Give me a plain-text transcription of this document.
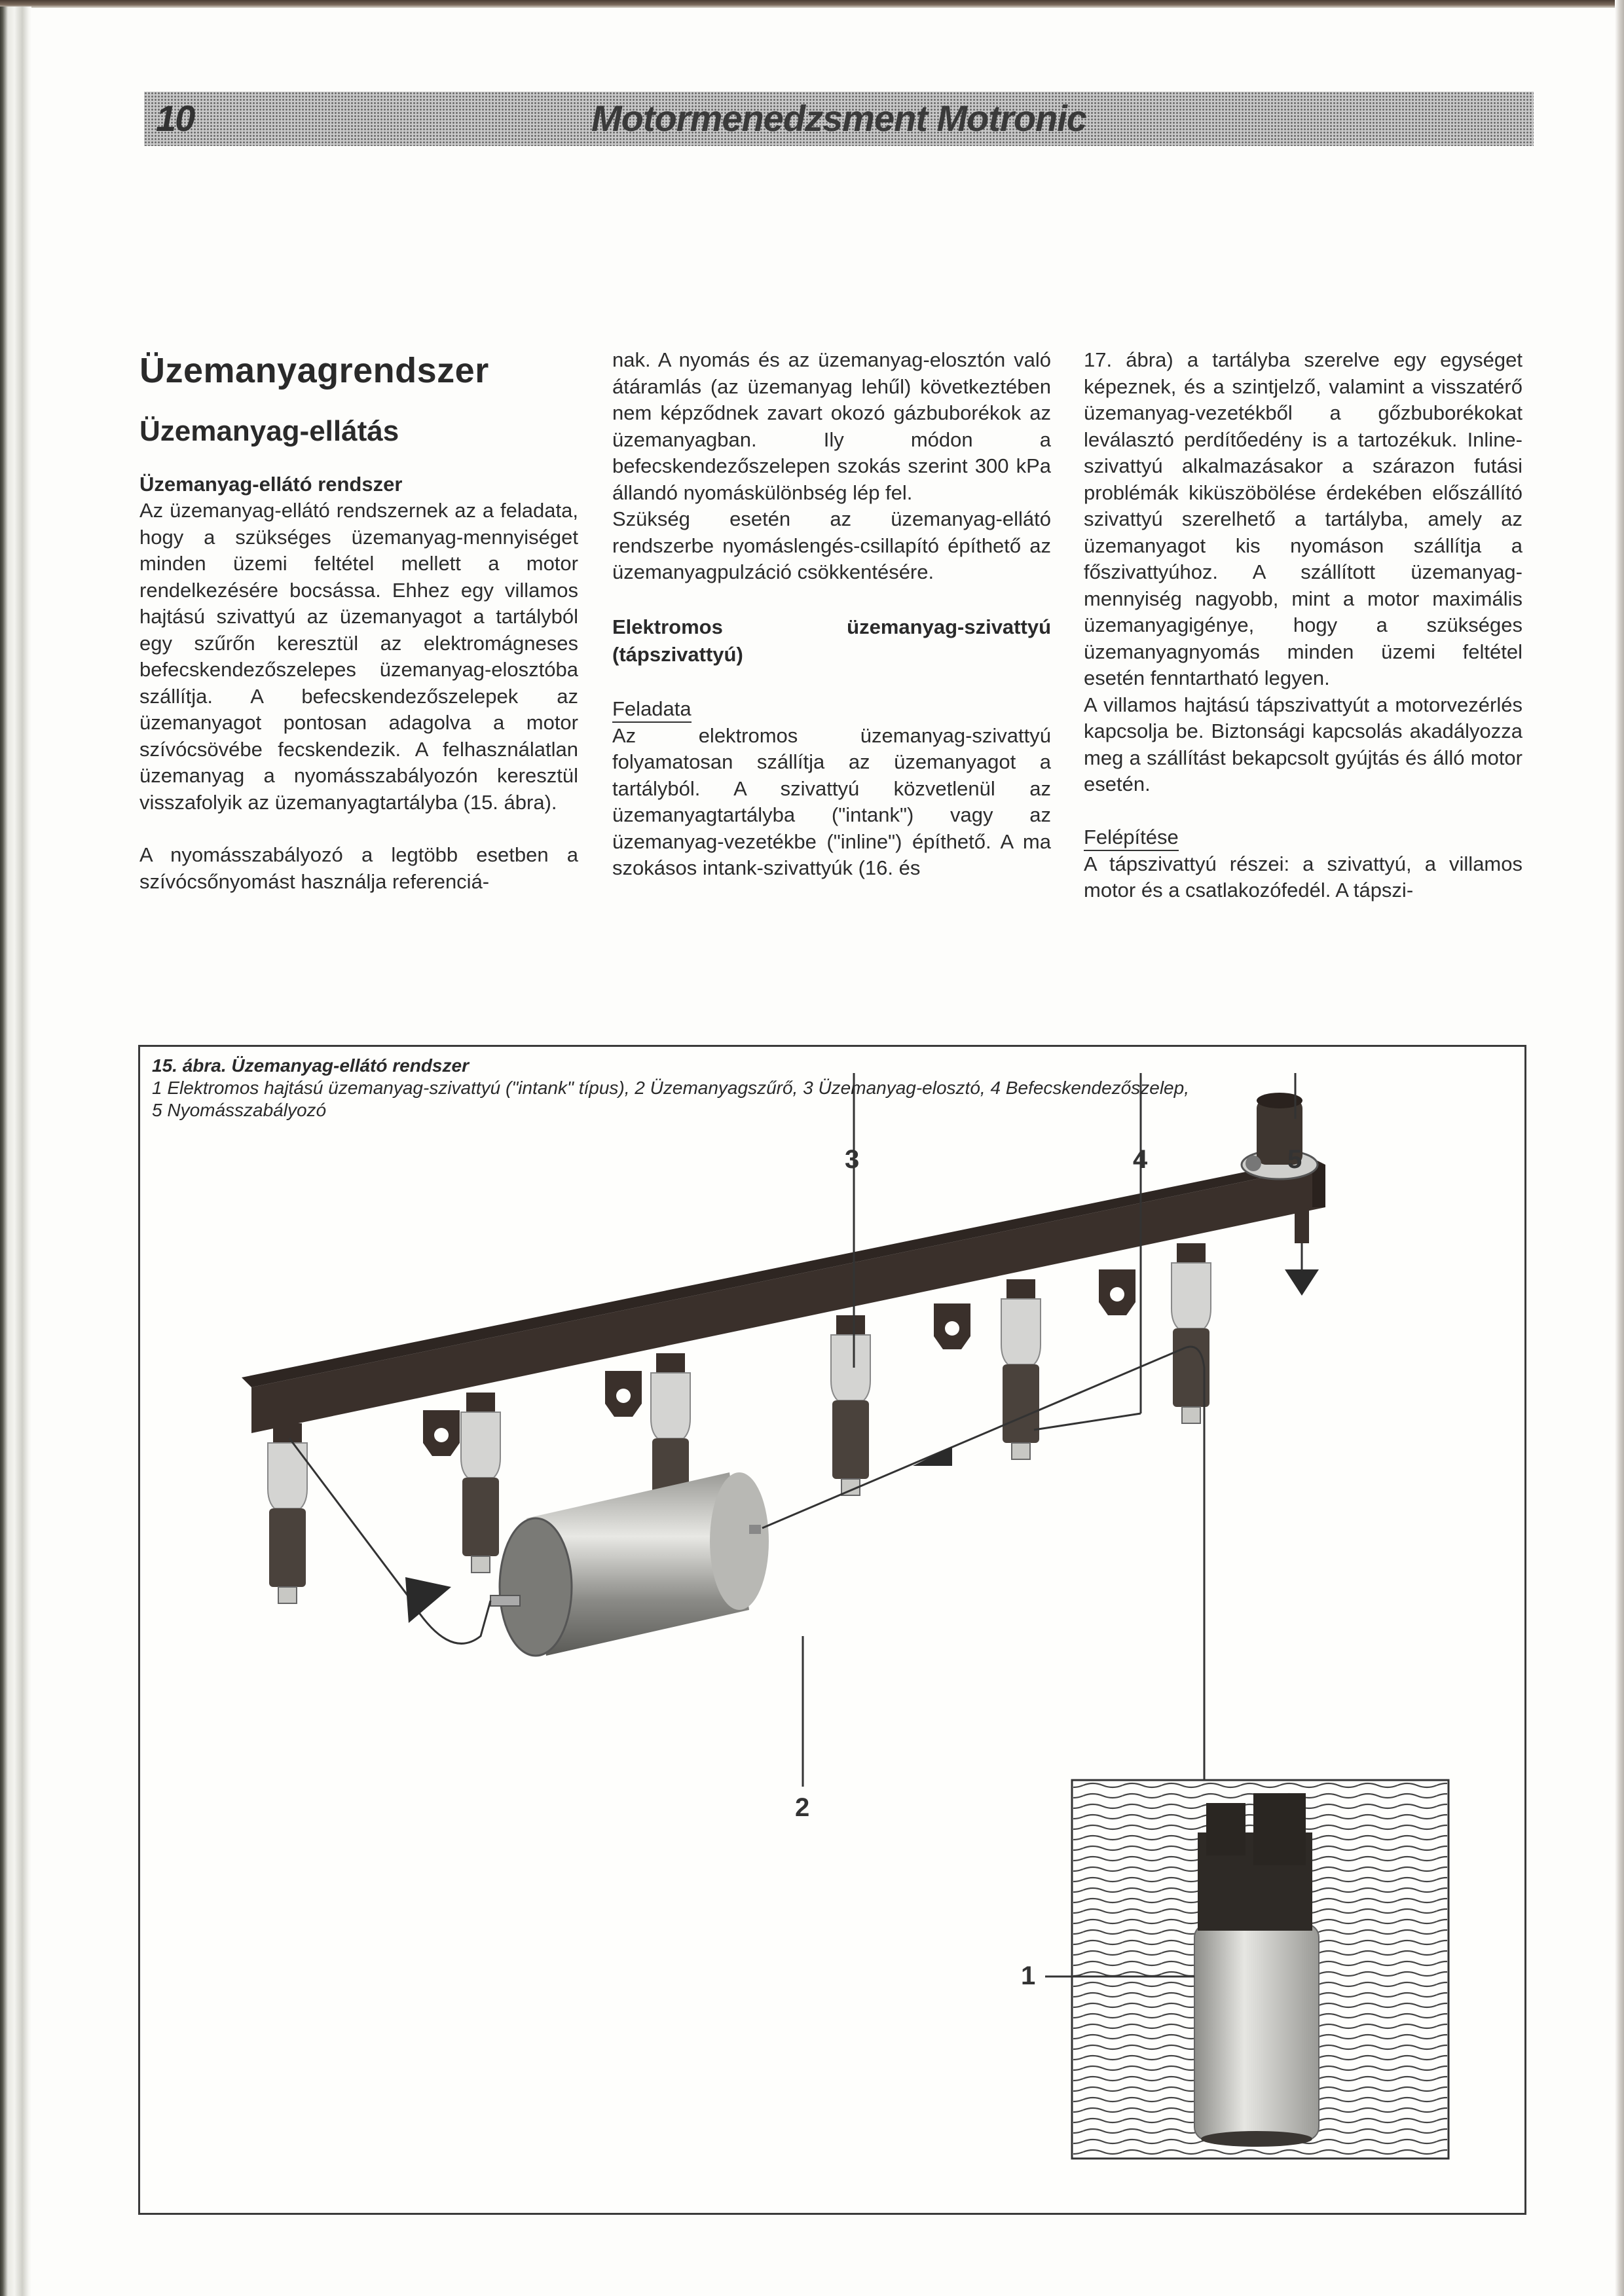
10	Motormenedzsment Motronic
Üzemanyagrendszer
Üzemanyag-ellátás
Üzemanyag-ellátó rendszer

Az üzemanyag-ellátó rendszernek az a feladata, hogy a szükséges üzemanyag-mennyiséget minden üzemi feltétel mellett a motor rendelkezésére bocsássa. Ehhez egy villamos hajtású szivattyú az üzemanyagot a tartályból egy szűrőn keresztül az elektromágneses befecskendezőszelepes üzemanyag-elosztóba szállítja. A befecskendezőszelepek az üzemanyagot pontosan adagolva a motor szívócsövébe fecskendezik. A felhasználatlan üzemanyag a nyomásszabályozón keresztül visszafolyik az üzemanyagtartályba (15. ábra).

A nyomásszabályozó a legtöbb esetben a szívócsőnyomást használja referenciá-

nak. A nyomás és az üzemanyag-elosztón való átáramlás (az üzemanyag lehűl) következtében nem képződnek zavart okozó gázbuborékok az üzemanyagban. Ily módon a befecskendezőszelepen szokás szerint 300 kPa állandó nyomáskülönbség lép fel.

Szükség esetén az üzemanyag-ellátó rendszerbe nyomáslengés-csillapító építhető az üzemanyagpulzáció csökkentésére.

Elektromos üzemanyag-szivattyú (tápszivattyú)
Feladata

Az elektromos üzemanyag-szivattyú folyamatosan szállítja az üzemanyagot a tartályból. A szivattyú közvetlenül az üzemanyagtartályba ("intank") vagy az üzemanyag-vezetékbe ("inline") építhető. A ma szokásos intank-szivattyúk (16. és

17. ábra) a tartályba szerelve egy egységet képeznek, és a szintjelző, valamint a visszatérő üzemanyag-vezetékből a gőzbuborékokat leválasztó perdítőedény is a tartozékuk. Inline-szivattyú alkalmazásakor a szárazon futási problémák kiküszöbölése érdekében előszállító szivattyú szerelhető a tartályba, amely az üzemanyagot kis nyomáson szállítja a főszivattyúhoz. A szállított üzemanyag-mennyiség nagyobb, mint a motor maximális üzemanyagigénye, hogy a szükséges üzemanyagnyomás minden üzemi feltétel esetén fenntartható legyen.

A villamos hajtású tápszivattyút a motorvezérlés kapcsolja be. Biztonsági kapcsolás akadályozza meg a szállítást bekapcsolt gyújtás és álló motor esetén.

Felépítése

A tápszivattyú részei: a szivattyú, a villamos motor és a csatlakozófedél. A tápszi-

15. ábra. Üzemanyag-ellátó rendszer
1 Elektromos hajtású üzemanyag-szivattyú ("intank" típus), 2 Üzemanyagszűrő, 3 Üzemanyag-elosztó, 4 Befecskendezőszelep,
5 Nyomásszabályozó
3	4	5
2
1
